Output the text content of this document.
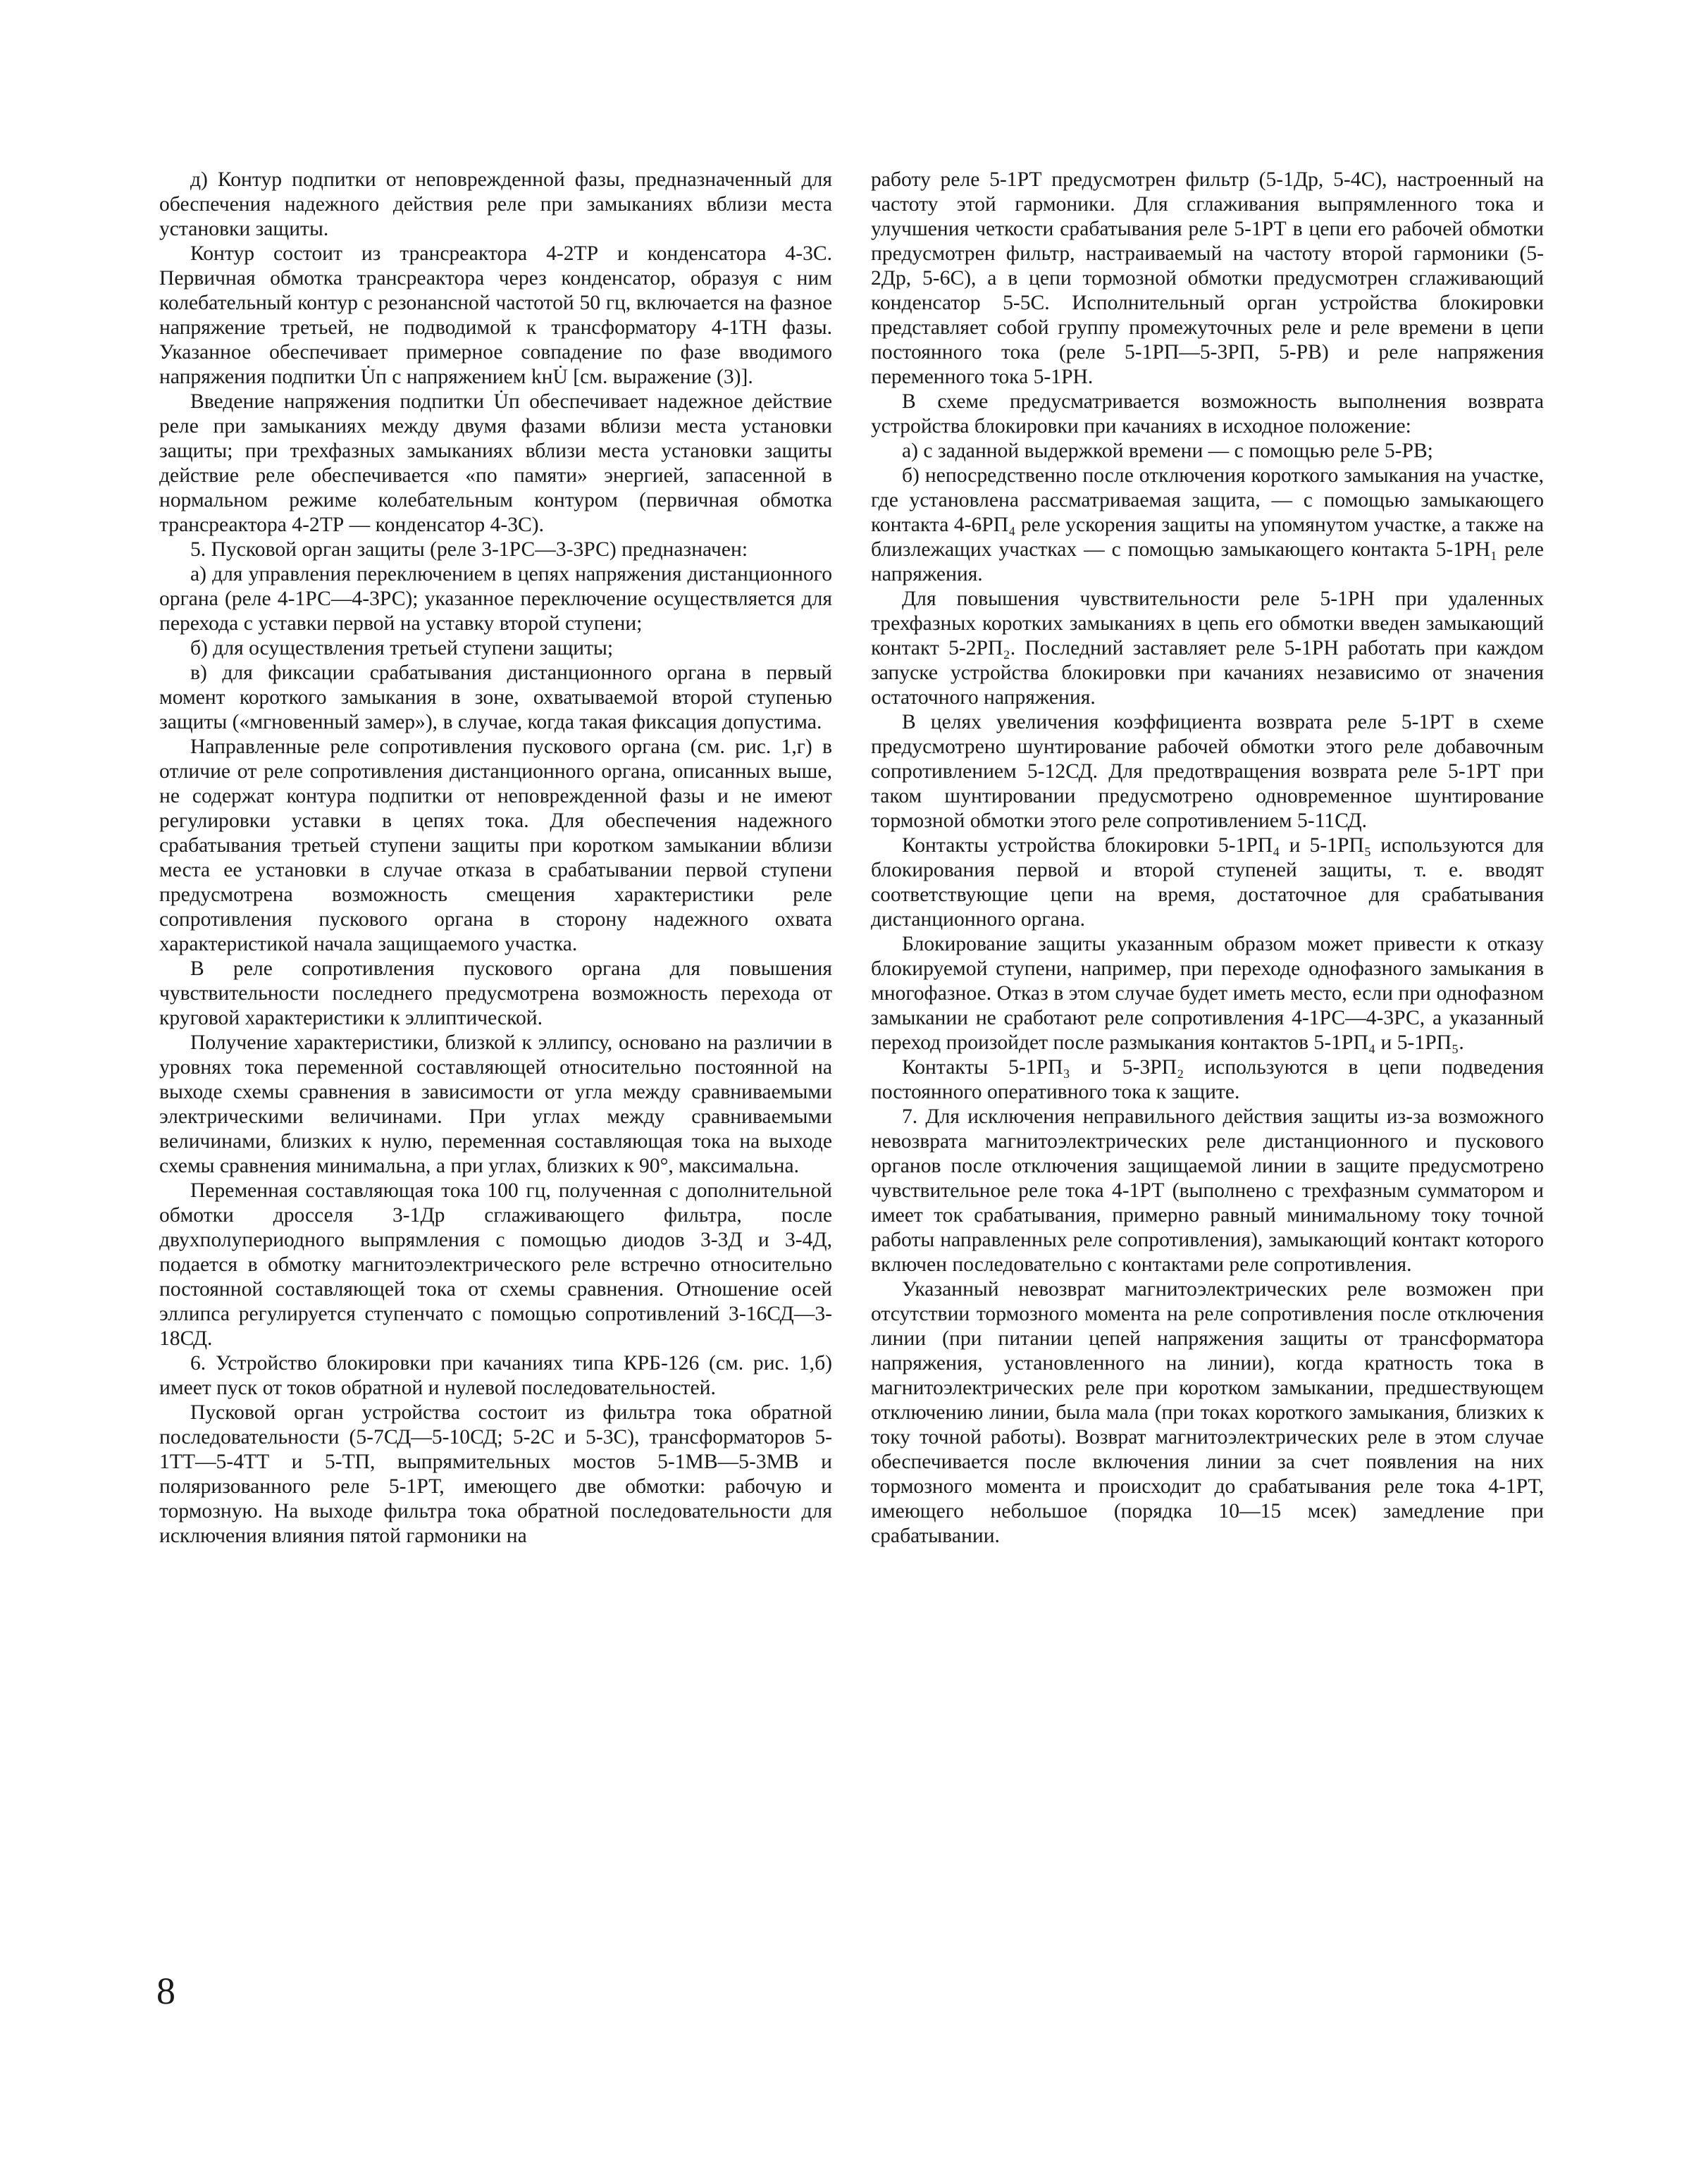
д) Контур подпитки от неповрежденной фазы, предназначенный для обеспечения надежного действия реле при замыканиях вблизи места установки защиты.

Контур состоит из трансреактора 4-2ТР и конденсатора 4-3С. Первичная обмотка трансреактора через конденсатор, образуя с ним колебательный контур с резонансной частотой 50 гц, включается на фазное напряжение третьей, не подводимой к трансформатору 4-1ТН фазы. Указанное обеспечивает примерное совпадение по фазе вводимого напряжения подпитки U̇п с напряжением kнU̇ [см. выражение (3)].

Введение напряжения подпитки U̇п обеспечивает надежное действие реле при замыканиях между двумя фазами вблизи места установки защиты; при трехфазных замыканиях вблизи места установки защиты действие реле обеспечивается «по памяти» энергией, запасенной в нормальном режиме колебательным контуром (первичная обмотка трансреактора 4-2ТР — конденсатор 4-3С).

5. Пусковой орган защиты (реле 3-1РС—3-3РС) предназначен:

а) для управления переключением в цепях напряжения дистанционного органа (реле 4-1РС—4-3РС); указанное переключение осуществляется для перехода с уставки первой на уставку второй ступени;

б) для осуществления третьей ступени защиты;

в) для фиксации срабатывания дистанционного органа в первый момент короткого замыкания в зоне, охватываемой второй ступенью защиты («мгновенный замер»), в случае, когда такая фиксация допустима.

Направленные реле сопротивления пускового органа (см. рис. 1,г) в отличие от реле сопротивления дистанционного органа, описанных выше, не содержат контура подпитки от неповрежденной фазы и не имеют регулировки уставки в цепях тока. Для обеспечения надежного срабатывания третьей ступени защиты при коротком замыкании вблизи места ее установки в случае отказа в срабатывании первой ступени предусмотрена возможность смещения характеристики реле сопротивления пускового органа в сторону надежного охвата характеристикой начала защищаемого участка.

В реле сопротивления пускового органа для повышения чувствительности последнего предусмотрена возможность перехода от круговой характеристики к эллиптической.

Получение характеристики, близкой к эллипсу, основано на различии в уровнях тока переменной составляющей относительно постоянной на выходе схемы сравнения в зависимости от угла между сравниваемыми электрическими величинами. При углах между сравниваемыми величинами, близких к нулю, переменная составляющая тока на выходе схемы сравнения минимальна, а при углах, близких к 90°, максимальна.

Переменная составляющая тока 100 гц, полученная с дополнительной обмотки дросселя 3-1Др сглаживающего фильтра, после двухполупериодного выпрямления с помощью диодов 3-3Д и 3-4Д, подается в обмотку магнитоэлектрического реле встречно относительно постоянной составляющей тока от схемы сравнения. Отношение осей эллипса регулируется ступенчато с помощью сопротивлений 3-16СД—3-18СД.

6. Устройство блокировки при качаниях типа КРБ-126 (см. рис. 1,б) имеет пуск от токов обратной и нулевой последовательностей.

Пусковой орган устройства состоит из фильтра тока обратной последовательности (5-7СД—5-10СД; 5-2С и 5-3С), трансформаторов 5-1ТТ—5-4ТТ и 5-ТП, выпрямительных мостов 5-1МВ—5-3МВ и поляризованного реле 5-1РТ, имеющего две обмотки: рабочую и тормозную. На выходе фильтра тока обратной последовательности для исключения влияния пятой гармоники на

работу реле 5-1РТ предусмотрен фильтр (5-1Др, 5-4С), настроенный на частоту этой гармоники. Для сглаживания выпрямленного тока и улучшения четкости срабатывания реле 5-1РТ в цепи его рабочей обмотки предусмотрен фильтр, настраиваемый на частоту второй гармоники (5-2Др, 5-6С), а в цепи тормозной обмотки предусмотрен сглаживающий конденсатор 5-5С. Исполнительный орган устройства блокировки представляет собой группу промежуточных реле и реле времени в цепи постоянного тока (реле 5-1РП—5-3РП, 5-РВ) и реле напряжения переменного тока 5-1РН.

В схеме предусматривается возможность выполнения возврата устройства блокировки при качаниях в исходное положение:

а) с заданной выдержкой времени — с помощью реле 5-РВ;

б) непосредственно после отключения короткого замыкания на участке, где установлена рассматриваемая защита, — с помощью замыкающего контакта 4-6РП₄ реле ускорения защиты на упомянутом участке, а также на близлежащих участках — с помощью замыкающего контакта 5-1РН₁ реле напряжения.

Для повышения чувствительности реле 5-1РН при удаленных трехфазных коротких замыканиях в цепь его обмотки введен замыкающий контакт 5-2РП₂. Последний заставляет реле 5-1РН работать при каждом запуске устройства блокировки при качаниях независимо от значения остаточного напряжения.

В целях увеличения коэффициента возврата реле 5-1РТ в схеме предусмотрено шунтирование рабочей обмотки этого реле добавочным сопротивлением 5-12СД. Для предотвращения возврата реле 5-1РТ при таком шунтировании предусмотрено одновременное шунтирование тормозной обмотки этого реле сопротивлением 5-11СД.

Контакты устройства блокировки 5-1РП₄ и 5-1РП₅ используются для блокирования первой и второй ступеней защиты, т. е. вводят соответствующие цепи на время, достаточное для срабатывания дистанционного органа.

Блокирование защиты указанным образом может привести к отказу блокируемой ступени, например, при переходе однофазного замыкания в многофазное. Отказ в этом случае будет иметь место, если при однофазном замыкании не сработают реле сопротивления 4-1РС—4-3РС, а указанный переход произойдет после размыкания контактов 5-1РП₄ и 5-1РП₅.

Контакты 5-1РП₃ и 5-3РП₂ используются в цепи подведения постоянного оперативного тока к защите.

7. Для исключения неправильного действия защиты из-за возможного невозврата магнитоэлектрических реле дистанционного и пускового органов после отключения защищаемой линии в защите предусмотрено чувствительное реле тока 4-1РТ (выполнено с трехфазным сумматором и имеет ток срабатывания, примерно равный минимальному току точной работы направленных реле сопротивления), замыкающий контакт которого включен последовательно с контактами реле сопротивления.

Указанный невозврат магнитоэлектрических реле возможен при отсутствии тормозного момента на реле сопротивления после отключения линии (при питании цепей напряжения защиты от трансформатора напряжения, установленного на линии), когда кратность тока в магнитоэлектрических реле при коротком замыкании, предшествующем отключению линии, была мала (при токах короткого замыкания, близких к току точной работы). Возврат магнитоэлектрических реле в этом случае обеспечивается после включения линии за счет появления на них тормозного момента и происходит до срабатывания реле тока 4-1РТ, имеющего небольшое (порядка 10—15 мсек) замедление при срабатывании.

8
